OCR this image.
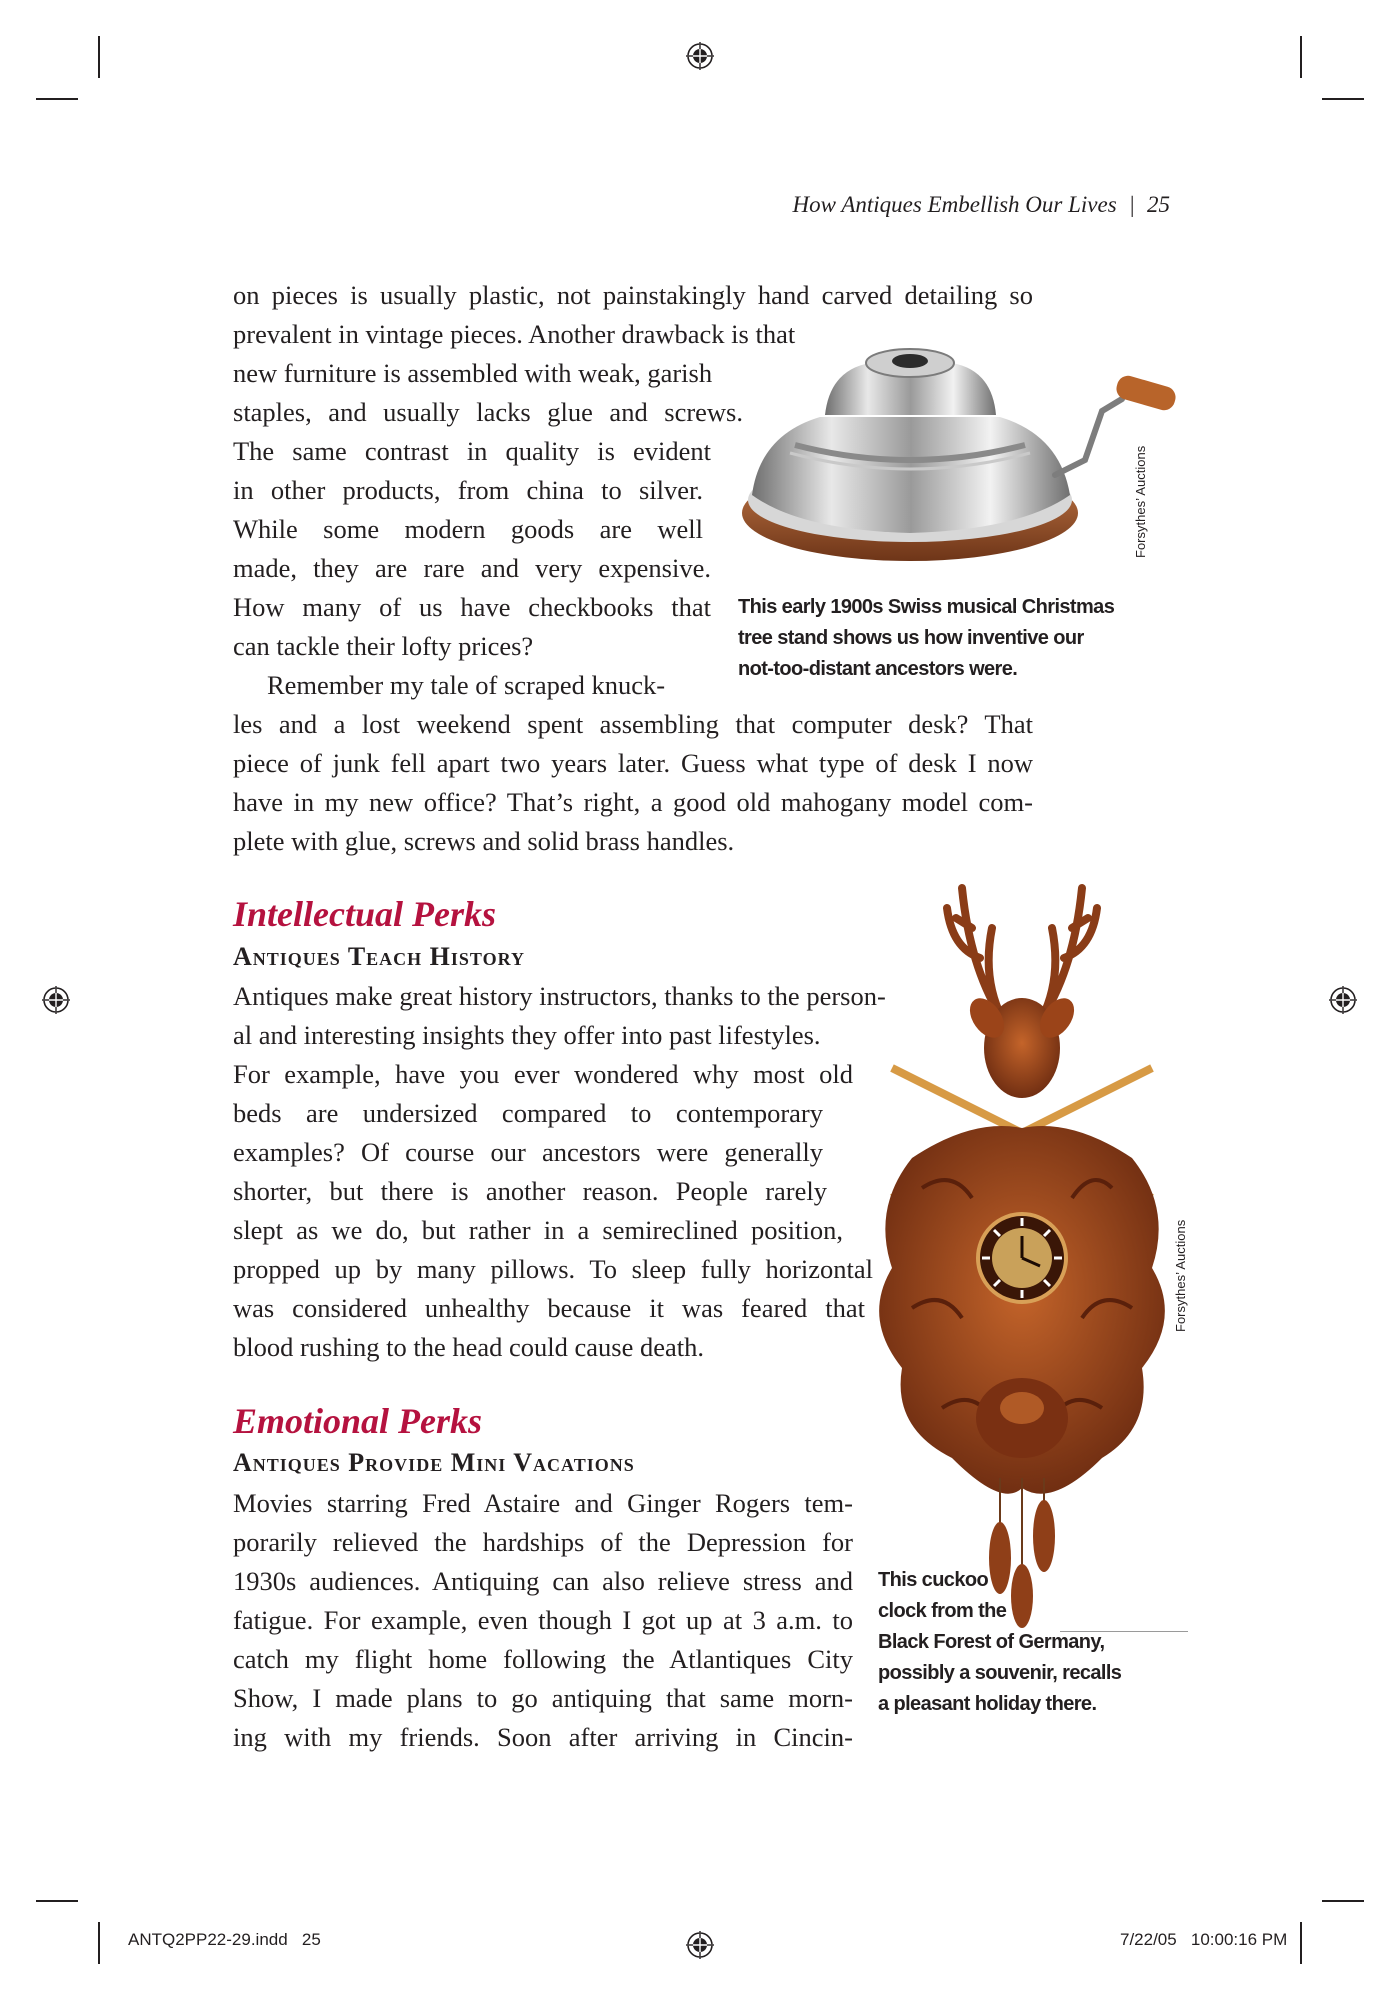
How Antiques Embellish Our Lives | 25
on pieces is usually plastic, not painstakingly hand carved detailing so
prevalent in vintage pieces. Another drawback is that
new furniture is assembled with weak, garish
staples, and usually lacks glue and screws.
The same contrast in quality is evident
in other products, from china to silver.
While some modern goods are well
made, they are rare and very expensive.
How many of us have checkbooks that
can tackle their lofty prices?
Remember my tale of scraped knuck-
les and a lost weekend spent assembling that computer desk? That
piece of junk fell apart two years later. Guess what type of desk I now
have in my new office? That’s right, a good old mahogany model com-
plete with glue, screws and solid brass handles.
Forsythes’ Auctions
This early 1900s Swiss musical Christmas
tree stand shows us how inventive our
not-too-distant ancestors were.
Intellectual Perks
Antiques Teach History
Antiques make great history instructors, thanks to the person-
al and interesting insights they offer into past lifestyles.
For example, have you ever wondered why most old
beds are undersized compared to contemporary
examples? Of course our ancestors were generally
shorter, but there is another reason. People rarely
slept as we do, but rather in a semireclined position,
propped up by many pillows. To sleep fully horizontal
was considered unhealthy because it was feared that
blood rushing to the head could cause death.
Emotional Perks
Antiques Provide Mini Vacations
Movies starring Fred Astaire and Ginger Rogers tem-
porarily relieved the hardships of the Depression for
1930s audiences. Antiquing can also relieve stress and
fatigue. For example, even though I got up at 3 a.m. to
catch my flight home following the Atlantiques City
Show, I made plans to go antiquing that same morn-
ing with my friends. Soon after arriving in Cincin-
Forsythes’ Auctions
This cuckoo
clock from the
Black Forest of Germany,
possibly a souvenir, recalls
a pleasant holiday there.
ANTQ2PP22-29.indd   25	7/22/05   10:00:16 PM
